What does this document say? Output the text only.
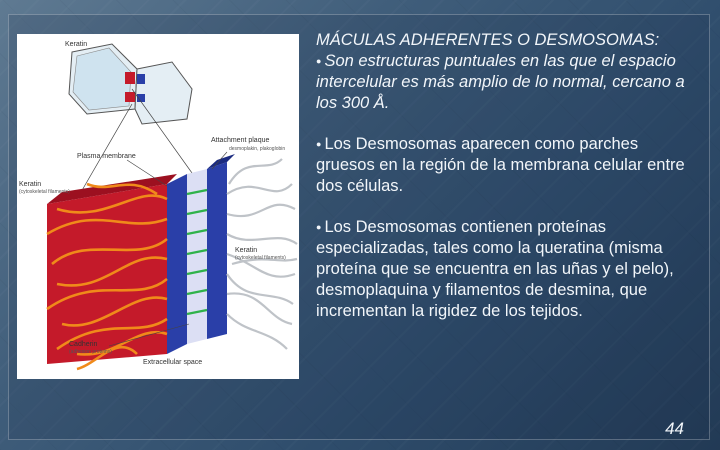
Keratin
Attachment plaque
desmoplakin, plakoglobin
Plasma membrane
Keratin
(cytoskeletal filaments)
Keratin
(cytoskeletal filaments)
Cadherin
(adhesion proteins)
Extracellular space

MÁCULAS ADHERENTES O DESMOSOMAS:
● Son estructuras puntuales en las que el espacio intercelular es más amplio de lo normal, cercano a los 300 Å.

● Los Desmosomas aparecen como parches gruesos en la región de la membrana celular entre dos células.

● Los Desmosomas contienen proteínas especializadas, tales como la queratina (misma proteína que se encuentra en las uñas y el pelo), desmoplaquina y filamentos de desmina, que incrementan la rigidez de los tejidos.

44
